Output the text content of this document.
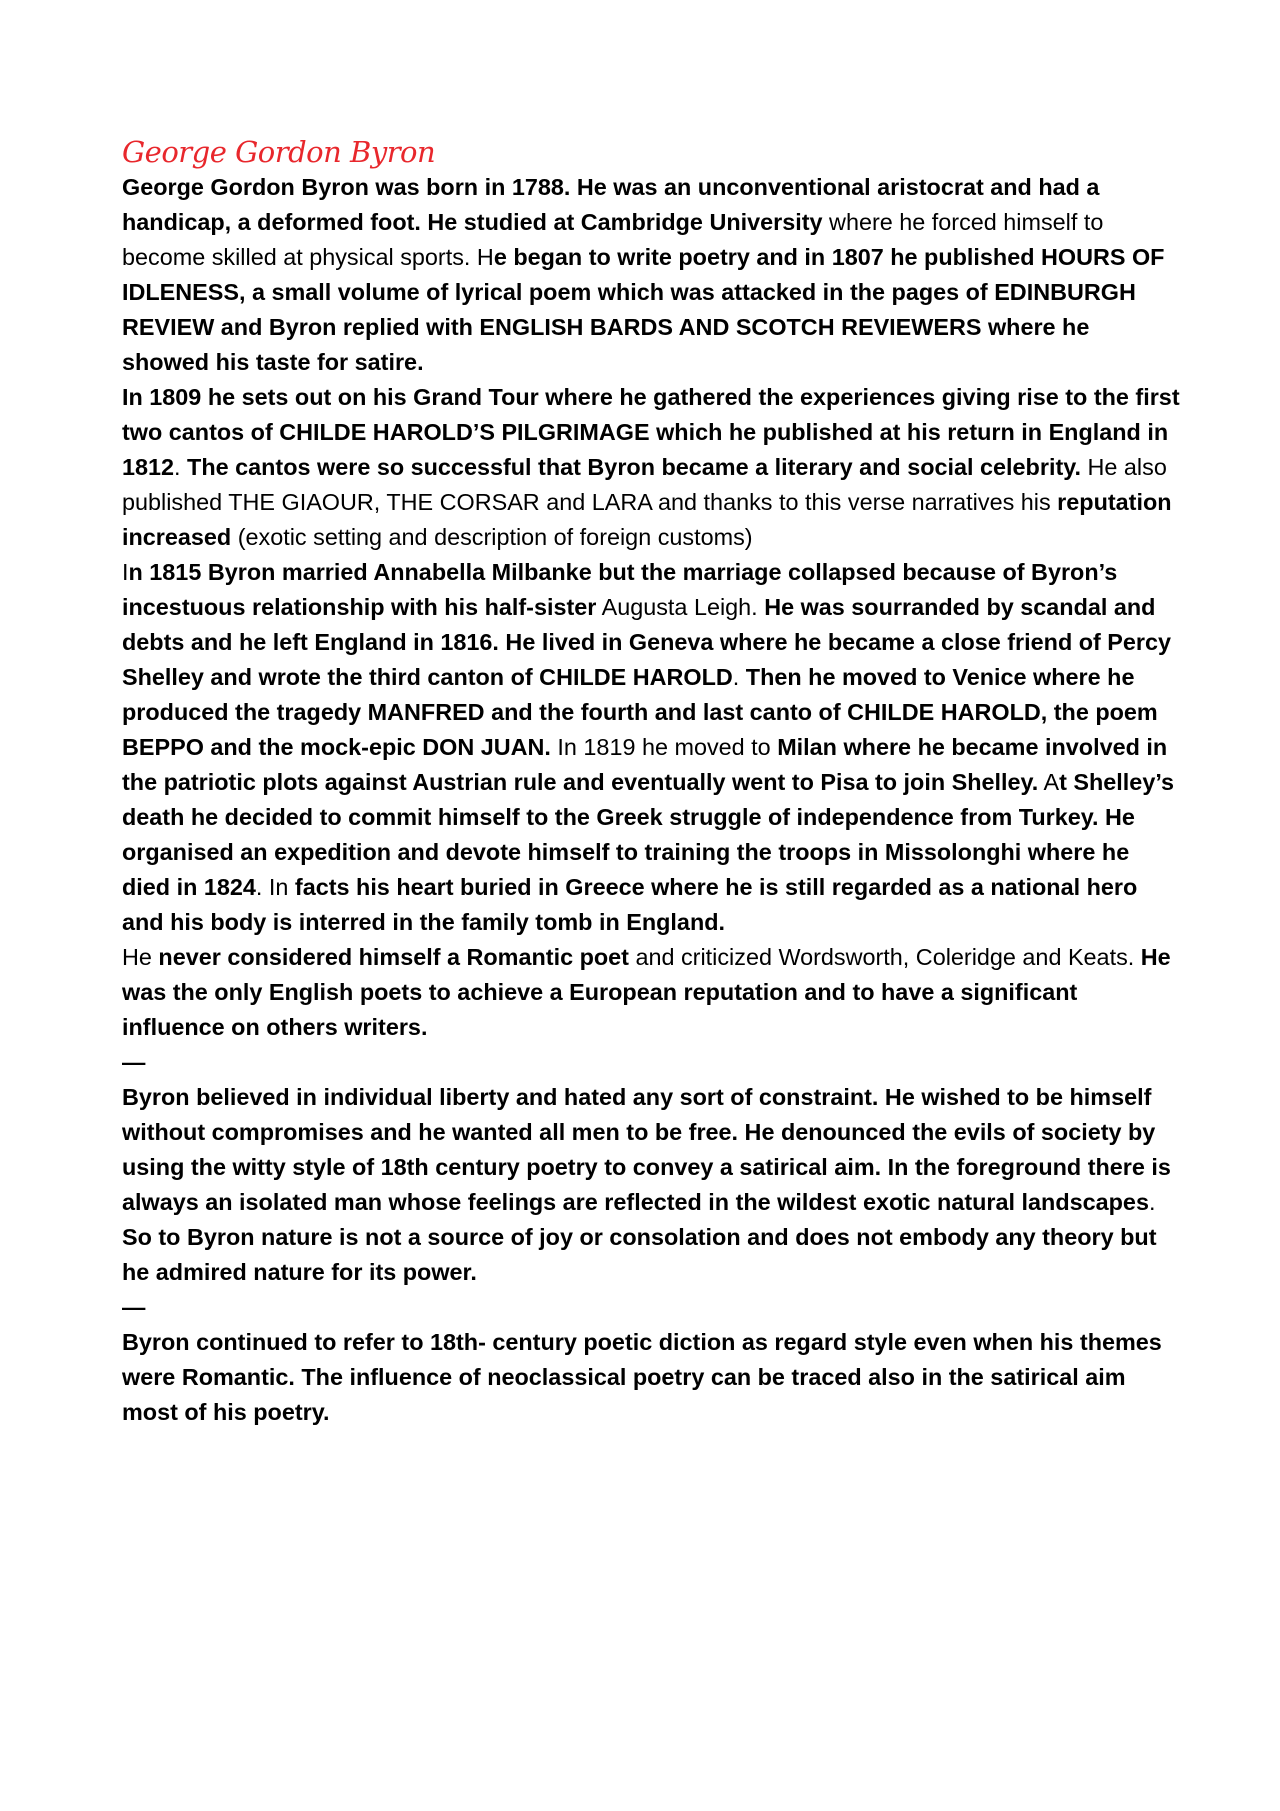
George Gordon Byron

George Gordon Byron was born in 1788. He was an unconventional aristocrat and had a handicap, a deformed foot. He studied at Cambridge University where he forced himself to become skilled at physical sports. He began to write poetry and in 1807 he published HOURS OF IDLENESS, a small volume of lyrical poem which was attacked in the pages of EDINBURGH REVIEW and Byron replied with ENGLISH BARDS AND SCOTCH REVIEWERS where he showed his taste for satire.

In 1809 he sets out on his Grand Tour where he gathered the experiences giving rise to the first two cantos of CHILDE HAROLD’S PILGRIMAGE which he published at his return in England in 1812. The cantos were so successful that Byron became a literary and social celebrity. He also published THE GIAOUR, THE CORSAR and LARA and thanks to this verse narratives his reputation increased (exotic setting and description of foreign customs)

In 1815 Byron married Annabella Milbanke but the marriage collapsed because of Byron’s incestuous relationship with his half-sister Augusta Leigh. He was sourranded by scandal and debts and he left England in 1816. He lived in Geneva where he became a close friend of Percy Shelley and wrote the third canton of CHILDE HAROLD. Then he moved to Venice where he produced the tragedy MANFRED and the fourth and last canto of CHILDE HAROLD, the poem BEPPO and the mock-epic DON JUAN. In 1819 he moved to Milan where he became involved in the patriotic plots against Austrian rule and eventually went to Pisa to join Shelley. At Shelley’s death he decided to commit himself to the Greek struggle of independence from Turkey. He organised an expedition and devote himself to training the troops in Missolonghi where he died in 1824. In facts his heart buried in Greece where he is still regarded as a national hero and his body is interred in the family tomb in England.

He never considered himself a Romantic poet and criticized Wordsworth, Coleridge and Keats. He was the only English poets to achieve a European reputation and to have a significant influence on others writers.

—

Byron believed in individual liberty and hated any sort of constraint. He wished to be himself without compromises and he wanted all men to be free. He denounced the evils of society by using the witty style of 18th century poetry to convey a satirical aim. In the foreground there is always an isolated man whose feelings are reflected in the wildest exotic natural landscapes. So to Byron nature is not a source of joy or consolation and does not embody any theory but he admired nature for its power.

—

Byron continued to refer to 18th- century poetic diction as regard style even when his themes were Romantic. The influence of neoclassical poetry can be traced also in the satirical aim most of his poetry.
